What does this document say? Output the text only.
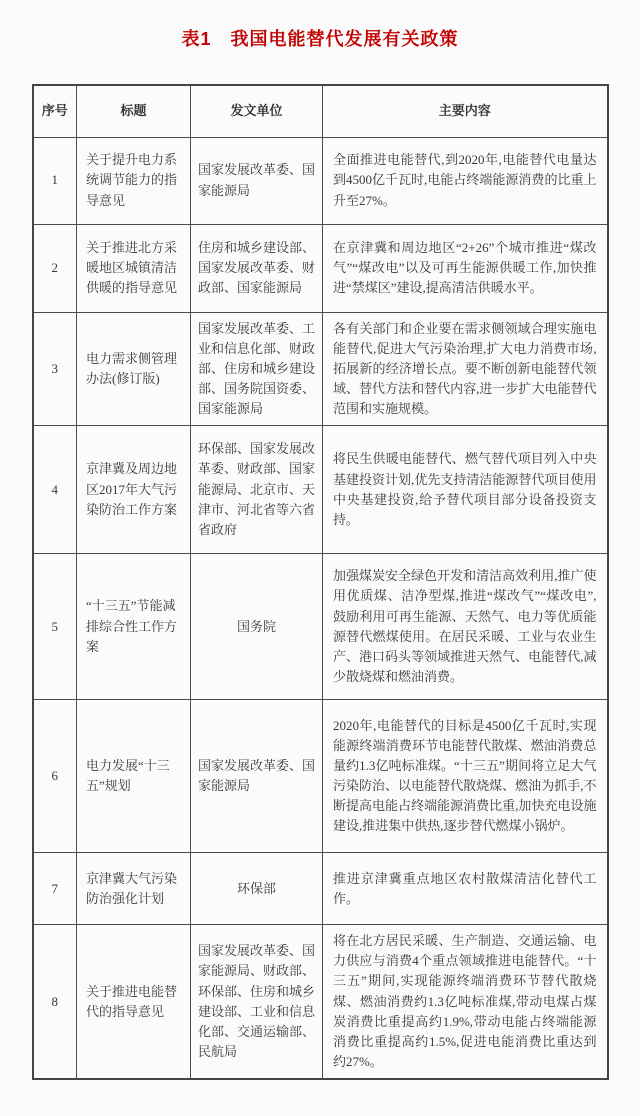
表1　我国电能替代发展有关政策
序号	标题	发文单位	主要内容
1	关于提升电力系统调节能力的指导意见	国家发展改革委、国家能源局	全面推进电能替代,到2020年,电能替代电量达到4500亿千瓦时,电能占终端能源消费的比重上升至27%。
2	关于推进北方采暖地区城镇清洁供暖的指导意见	住房和城乡建设部、国家发展改革委、财政部、国家能源局	在京津冀和周边地区“2+26”个城市推进“煤改气”“煤改电”以及可再生能源供暖工作,加快推进“禁煤区”建设,提高清洁供暖水平。
3	电力需求侧管理办法(修订版)	国家发展改革委、工业和信息化部、财政部、住房和城乡建设部、国务院国资委、国家能源局	各有关部门和企业要在需求侧领域合理实施电能替代,促进大气污染治理,扩大电力消费市场,拓展新的经济增长点。要不断创新电能替代领域、替代方法和替代内容,进一步扩大电能替代范围和实施规模。
4	京津冀及周边地区2017年大气污染防治工作方案	环保部、国家发展改革委、财政部、国家能源局、北京市、天津市、河北省等六省省政府	将民生供暖电能替代、燃气替代项目列入中央基建投资计划,优先支持清洁能源替代项目使用中央基建投资,给予替代项目部分设备投资支持。
5	“十三五”节能减排综合性工作方案	国务院	加强煤炭安全绿色开发和清洁高效利用,推广使用优质煤、洁净型煤,推进“煤改气”“煤改电”,鼓励利用可再生能源、天然气、电力等优质能源替代燃煤使用。在居民采暖、工业与农业生产、港口码头等领域推进天然气、电能替代,减少散烧煤和燃油消费。
6	电力发展“十三五”规划	国家发展改革委、国家能源局	2020年,电能替代的目标是4500亿千瓦时,实现能源终端消费环节电能替代散煤、燃油消费总量约1.3亿吨标准煤。“十三五”期间将立足大气污染防治、以电能替代散烧煤、燃油为抓手,不断提高电能占终端能源消费比重,加快充电设施建设,推进集中供热,逐步替代燃煤小锅炉。
7	京津冀大气污染防治强化计划	环保部	推进京津冀重点地区农村散煤清洁化替代工作。
8	关于推进电能替代的指导意见	国家发展改革委、国家能源局、财政部、环保部、住房和城乡建设部、工业和信息化部、交通运输部、民航局	将在北方居民采暖、生产制造、交通运输、电力供应与消费4个重点领域推进电能替代。“十三五”期间,实现能源终端消费环节替代散烧煤、燃油消费约1.3亿吨标准煤,带动电煤占煤炭消费比重提高约1.9%,带动电能占终端能源消费比重提高约1.5%,促进电能消费比重达到约27%。
